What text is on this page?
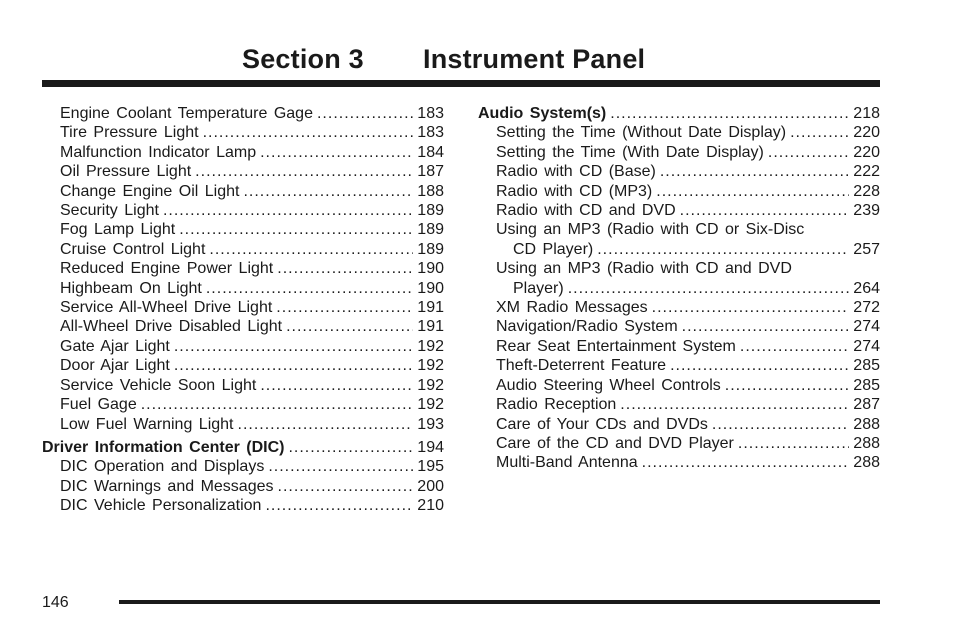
Section 3 Instrument Panel
Engine Coolant Temperature Gage .....	183
Tire Pressure Light .....	183
Malfunction Indicator Lamp .....	184
Oil Pressure Light .....	187
Change Engine Oil Light .....	188
Security Light .....	189
Fog Lamp Light .....	189
Cruise Control Light .....	189
Reduced Engine Power Light .....	190
Highbeam On Light .....	190
Service All-Wheel Drive Light .....	191
All-Wheel Drive Disabled Light .....	191
Gate Ajar Light .....	192
Door Ajar Light .....	192
Service Vehicle Soon Light .....	192
Fuel Gage .....	192
Low Fuel Warning Light .....	193
Driver Information Center (DIC) .....	194
DIC Operation and Displays .....	195
DIC Warnings and Messages .....	200
DIC Vehicle Personalization .....	210
Audio System(s) .....	218
Setting the Time (Without Date Display) .....	220
Setting the Time (With Date Display) .....	220
Radio with CD (Base) .....	222
Radio with CD (MP3) .....	228
Radio with CD and DVD .....	239
Using an MP3 (Radio with CD or Six-Disc
CD Player) .....	257
Using an MP3 (Radio with CD and DVD
Player) .....	264
XM Radio Messages .....	272
Navigation/Radio System .....	274
Rear Seat Entertainment System .....	274
Theft-Deterrent Feature .....	285
Audio Steering Wheel Controls .....	285
Radio Reception .....	287
Care of Your CDs and DVDs .....	288
Care of the CD and DVD Player .....	288
Multi-Band Antenna .....	288
146
